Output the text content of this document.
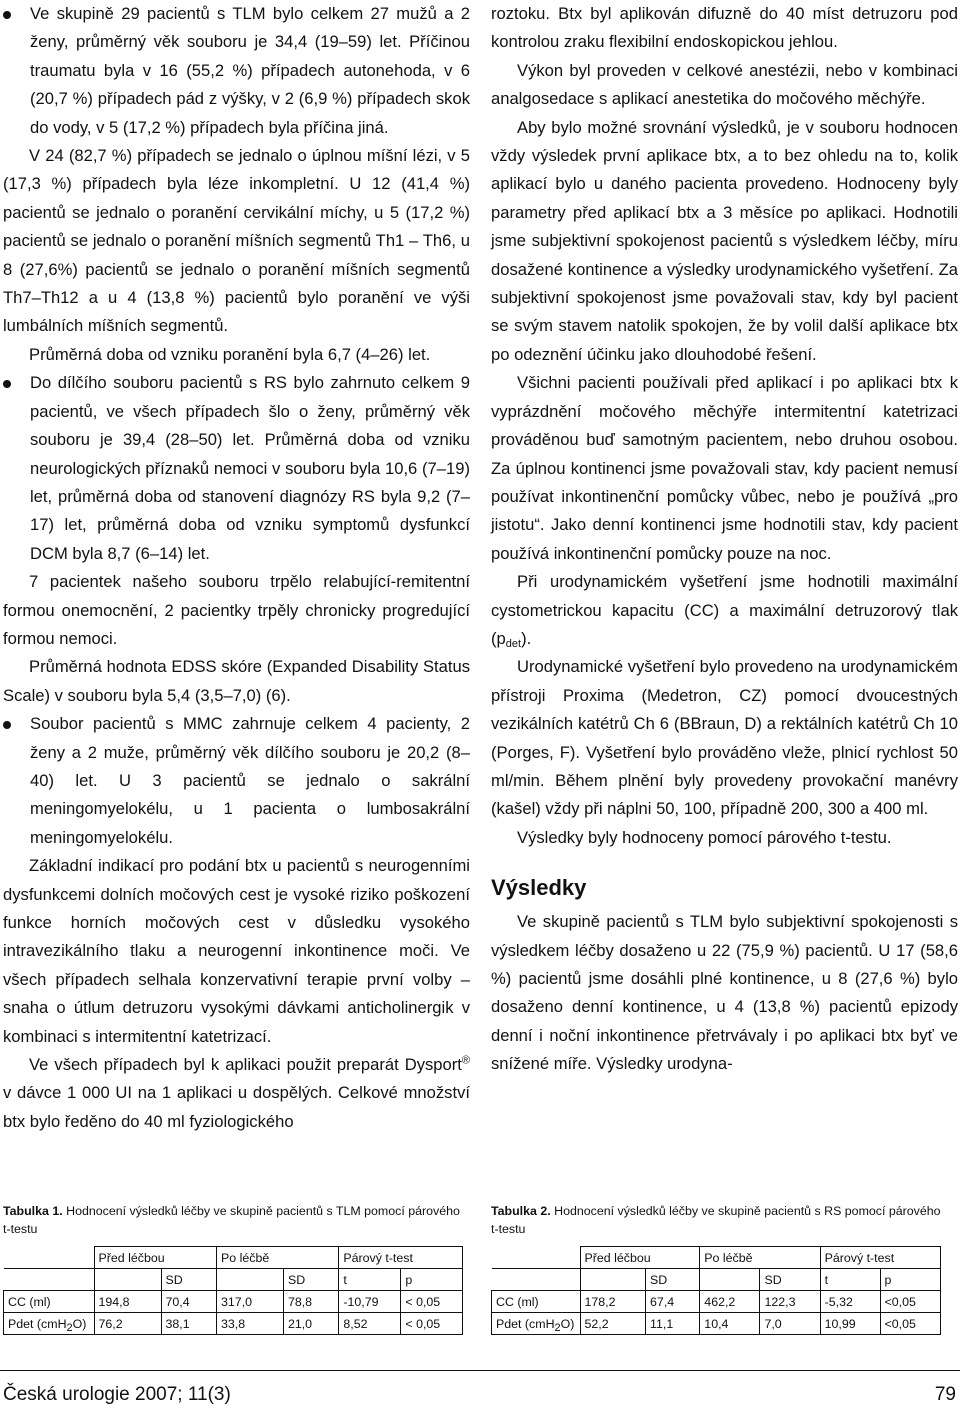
Ve skupině 29 pacientů s TLM bylo celkem 27 mužů a 2 ženy, průměrný věk souboru je 34,4 (19–59) let. Příčinou traumatu byla v 16 (55,2 %) případech autonehoda, v 6 (20,7 %) případech pád z výšky, v 2 (6,9 %) případech skok do vody, v 5 (17,2 %) případech byla příčina jiná.

V 24 (82,7 %) případech se jednalo o úplnou míšní lézi, v 5 (17,3 %) případech byla léze inkompletní. U 12 (41,4 %) pacientů se jednalo o poranění cervikální míchy, u 5 (17,2 %) pacientů se jednalo o poranění míšních segmentů Th1 – Th6, u 8 (27,6%) pacientů se jednalo o poranění míšních segmentů Th7–Th12 a u 4 (13,8 %) pacientů bylo poranění ve výši lumbálních míšních segmentů.

Průměrná doba od vzniku poranění byla 6,7 (4–26) let.

Do dílčího souboru pacientů s RS bylo zahrnuto celkem 9 pacientů, ve všech případech šlo o ženy, průměrný věk souboru je 39,4 (28–50) let. Průměrná doba od vzniku neurologických příznaků nemoci v souboru byla 10,6 (7–19) let, průměrná doba od stanovení diagnózy RS byla 9,2 (7–17) let, průměrná doba od vzniku symptomů dysfunkcí DCM byla 8,7 (6–14) let.

7 pacientek našeho souboru trpělo relabující-remitentní formou onemocnění, 2 pacientky trpěly chronicky progredující formou nemoci.

Průměrná hodnota EDSS skóre (Expanded Disability Status Scale) v souboru byla 5,4 (3,5–7,0) (6).

Soubor pacientů s MMC zahrnuje celkem 4 pacienty, 2 ženy a 2 muže, průměrný věk dílčího souboru je 20,2 (8–40) let. U 3 pacientů se jednalo o sakrální meningomyelokélu, u 1 pacienta o lumbosakrální meningomyelokélu.

Základní indikací pro podání btx u pacientů s neurogenními dysfunkcemi dolních močových cest je vysoké riziko poškození funkce horních močových cest v důsledku vysokého intravezikálního tlaku a neurogenní inkontinence moči. Ve všech případech selhala konzervativní terapie první volby – snaha o útlum detruzoru vysokými dávkami anticholinergik v kombinaci s intermitentní katetrizací.

Ve všech případech byl k aplikaci použit preparát Dysport® v dávce 1 000 UI na 1 aplikaci u dospělých. Celkové množství btx bylo ředěno do 40 ml fyziologického

roztoku. Btx byl aplikován difuzně do 40 míst detruzoru pod kontrolou zraku flexibilní endoskopickou jehlou.

Výkon byl proveden v celkové anestézii, nebo v kombinaci analgosedace s aplikací anestetika do močového měchýře.

Aby bylo možné srovnání výsledků, je v souboru hodnocen vždy výsledek první aplikace btx, a to bez ohledu na to, kolik aplikací bylo u daného pacienta provedeno. Hodnoceny byly parametry před aplikací btx a 3 měsíce po aplikaci. Hodnotili jsme subjektivní spokojenost pacientů s výsledkem léčby, míru dosažené kontinence a výsledky urodynamického vyšetření. Za subjektivní spokojenost jsme považovali stav, kdy byl pacient se svým stavem natolik spokojen, že by volil další aplikace btx po odeznění účinku jako dlouhodobé řešení.

Všichni pacienti používali před aplikací i po aplikaci btx k vyprázdnění močového měchýře intermitentní katetrizaci prováděnou buď samotným pacientem, nebo druhou osobou. Za úplnou kontinenci jsme považovali stav, kdy pacient nemusí používat inkontinenční pomůcky vůbec, nebo je používá „pro jistotu“. Jako denní kontinenci jsme hodnotili stav, kdy pacient používá inkontinenční pomůcky pouze na noc.

Při urodynamickém vyšetření jsme hodnotili maximální cystometrickou kapacitu (CC) a maximální detruzorový tlak $(p_{det})$.

Urodynamické vyšetření bylo provedeno na urodynamickém přístroji Proxima (Medetron, CZ) pomocí dvoucestných vezikálních katétrů Ch 6 (BBraun, D) a rektálních katétrů Ch 10 (Porges, F). Vyšetření bylo prováděno vleže, plnicí rychlost 50 ml/min. Během plnění byly provedeny provokační manévry (kašel) vždy při náplni 50, 100, případně 200, 300 a 400 ml.

Výsledky byly hodnoceny pomocí párového t-testu.

Výsledky

Ve skupině pacientů s TLM bylo subjektivní spokojenosti s výsledkem léčby dosaženo u 22 (75,9 %) pacientů. U 17 (58,6 %) pacientů jsme dosáhli plné kontinence, u 8 (27,6 %) bylo dosaženo denní kontinence, u 4 (13,8 %) pacientů epizody denní i noční inkontinence přetrvávaly i po aplikaci btx byť ve snížené míře. Výsledky urodyna-

Tabulka 1. Hodnocení výsledků léčby ve skupině pacientů s TLM pomocí párového t-testu
	Před léčbou		Po léčbě		Párový t-test	
		SD		SD	t	p
CC (ml)	194,8	70,4	317,0	78,8	-10,79	< 0,05
Pdet (cmH$_2$O)	76,2	38,1	33,8	21,0	8,52	< 0,05
Tabulka 2. Hodnocení výsledků léčby ve skupině pacientů s RS pomocí párového t-testu
	Před léčbou		Po léčbě		Párový t-test	
		SD		SD	t	p
CC (ml)	178,2	67,4	462,2	122,3	-5,32	<0,05
Pdet (cmH$_2$O)	52,2	11,1	10,4	7,0	10,99	<0,05
Česká urologie 2007; 11(3)	79
